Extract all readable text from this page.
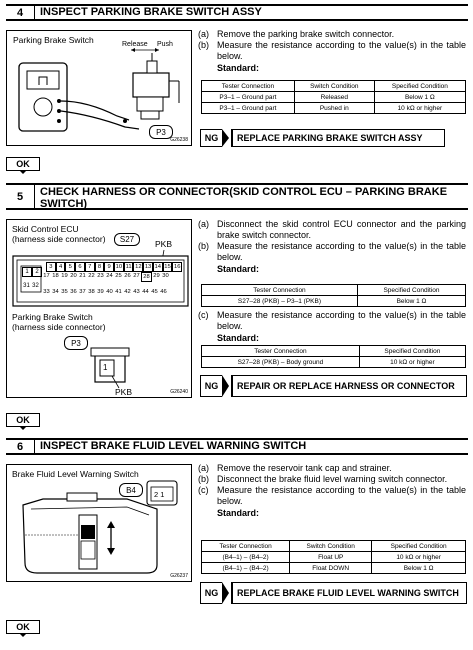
4	INSPECT PARKING BRAKE SWITCH ASSY
Parking Brake Switch	Release Push
P3
G26238
(a) Remove the parking brake switch connector.
(b) Measure the resistance according to the value(s) in the table below.
Standard:
Tester Connection	Switch Condition	Specified Condition
P3–1 – Ground part	Released	Below 1 Ω
P3–1 – Ground part	Pushed in	10 kΩ or higher
NG	REPLACE PARKING BRAKE SWITCH ASSY
OK
5	CHECK HARNESS OR CONNECTOR(SKID CONTROL ECU – PARKING BRAKE SWITCH)
Skid Control ECU
(harness side connector)	S27	PKB
3	4	5	6	7	8	9 10 11 12 13 14 15 16
17 18 19 20 21 22 23 24 25 26 27 28 29 30
33 34 35 36 37 38 39 40 41 42 43 44 45 46
1 2
31 32
Parking Brake Switch
(harness side connector)
P3
1
PKB	G26240
(a) Disconnect the skid control ECU connector and the parking brake switch connector.
(b) Measure the resistance according to the value(s) in the table below.
Standard:
Tester Connection	Specified Condition
S27–28 (PKB) – P3–1 (PKB)	Below 1 Ω
(c) Measure the resistance according to the value(s) in the table below.
Standard:
Tester Connection	Specified Condition
S27–28 (PKB) – Body ground	10 kΩ or higher
NG	REPAIR OR REPLACE HARNESS OR CONNECTOR
OK
6	INSPECT BRAKE FLUID LEVEL WARNING SWITCH
Brake Fluid Level Warning Switch
B4	2 1
G26237
(a) Remove the reservoir tank cap and strainer.
(b) Disconnect the brake fluid level warning switch connector.
(c) Measure the resistance according to the value(s) in the table below.
Standard:
Tester Connection	Switch Condition	Specified Condition
(B4–1) – (B4–2)	Float UP	10 kΩ or higher
(B4–1) – (B4–2)	Float DOWN	Below 1 Ω
NG	REPLACE BRAKE FLUID LEVEL WARNING SWITCH
OK
